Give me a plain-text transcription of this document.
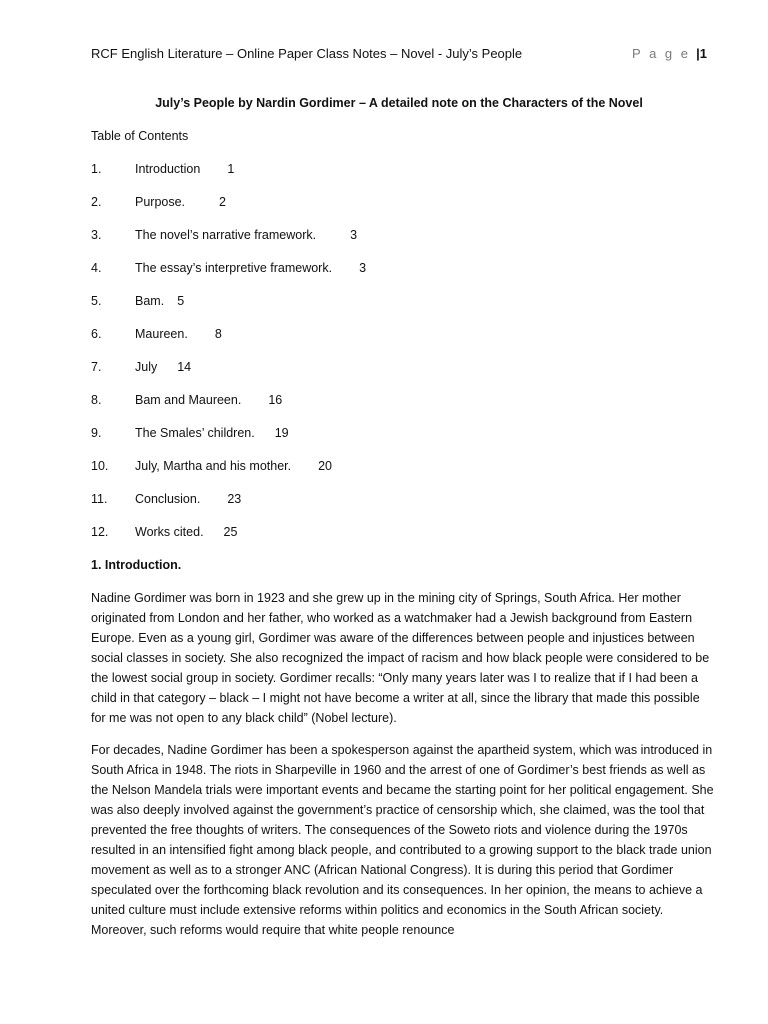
RCF English Literature – Online Paper Class Notes – Novel - July’s People	P a g e |1
July’s People by Nardin Gordimer – A detailed note on the Characters of the Novel
Table of Contents
1.	Introduction 1
2.	Purpose.	2
3.	The novel’s narrative framework.	3
4.	The essay’s interpretive framework. 3
5.	Bam. 5
6.	Maureen. 8
7.	July 14
8.	Bam and Maureen. 16
9.	The Smales’ children. 19
10. July, Martha and his mother. 20
11. Conclusion. 23
12. Works cited. 25
1. Introduction.

Nadine Gordimer was born in 1923 and she grew up in the mining city of Springs, South Africa. Her mother originated from London and her father, who worked as a watchmaker had a Jewish background from Eastern Europe. Even as a young girl, Gordimer was aware of the differences between people and injustices between social classes in society. She also recognized the impact of racism and how black people were considered to be the lowest social group in society. Gordimer recalls: “Only many years later was I to realize that if I had been a child in that category – black – I might not have become a writer at all, since the library that made this possible for me was not open to any black child” (Nobel lecture).

For decades, Nadine Gordimer has been a spokesperson against the apartheid system, which was introduced in South Africa in 1948. The riots in Sharpeville in 1960 and the arrest of one of Gordimer’s best friends as well as the Nelson Mandela trials were important events and became the starting point for her political engagement. She was also deeply involved against the government’s practice of censorship which, she claimed, was the tool that prevented the free thoughts of writers. The consequences of the Soweto riots and violence during the 1970s resulted in an intensified fight among black people, and contributed to a growing support to the black trade union movement as well as to a stronger ANC (African National Congress). It is during this period that Gordimer speculated over the forthcoming black revolution and its consequences. In her opinion, the means to achieve a united culture must include extensive reforms within politics and economics in the South African society. Moreover, such reforms would require that white people renounce
